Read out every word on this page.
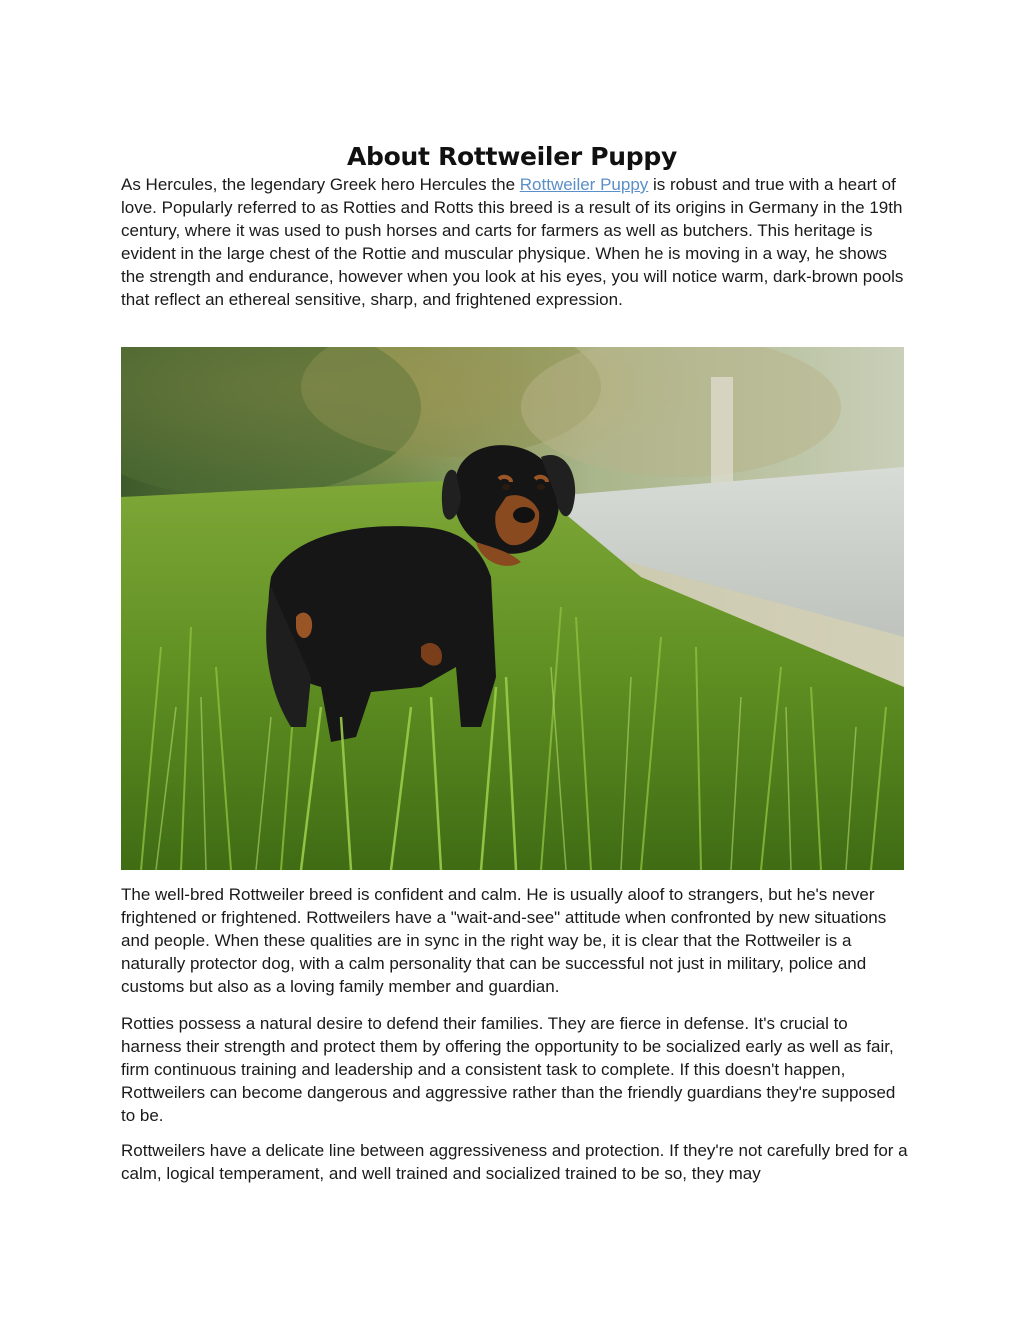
About Rottweiler Puppy

As Hercules, the legendary Greek hero Hercules the Rottweiler Puppy is robust and true with a heart of love. Popularly referred to as Rotties and Rotts this breed is a result of its origins in Germany in the 19th century, where it was used to push horses and carts for farmers as well as butchers. This heritage is evident in the large chest of the Rottie and muscular physique. When he is moving in a way, he shows the strength and endurance, however when you look at his eyes, you will notice warm, dark-brown pools that reflect an ethereal sensitive, sharp, and frightened expression.

The well-bred Rottweiler breed is confident and calm. He is usually aloof to strangers, but he's never frightened or frightened. Rottweilers have a "wait-and-see" attitude when confronted by new situations and people. When these qualities are in sync in the right way be, it is clear that the Rottweiler is a naturally protector dog, with a calm personality that can be successful not just in military, police and customs but also as a loving family member and guardian.

Rotties possess a natural desire to defend their families. They are fierce in defense. It's crucial to harness their strength and protect them by offering the opportunity to be socialized early as well as fair, firm continuous training and leadership and a consistent task to complete. If this doesn't happen, Rottweilers can become dangerous and aggressive rather than the friendly guardians they're supposed to be.

Rottweilers have a delicate line between aggressiveness and protection. If they're not carefully bred for a calm, logical temperament, and well trained and socialized trained to be so, they may
